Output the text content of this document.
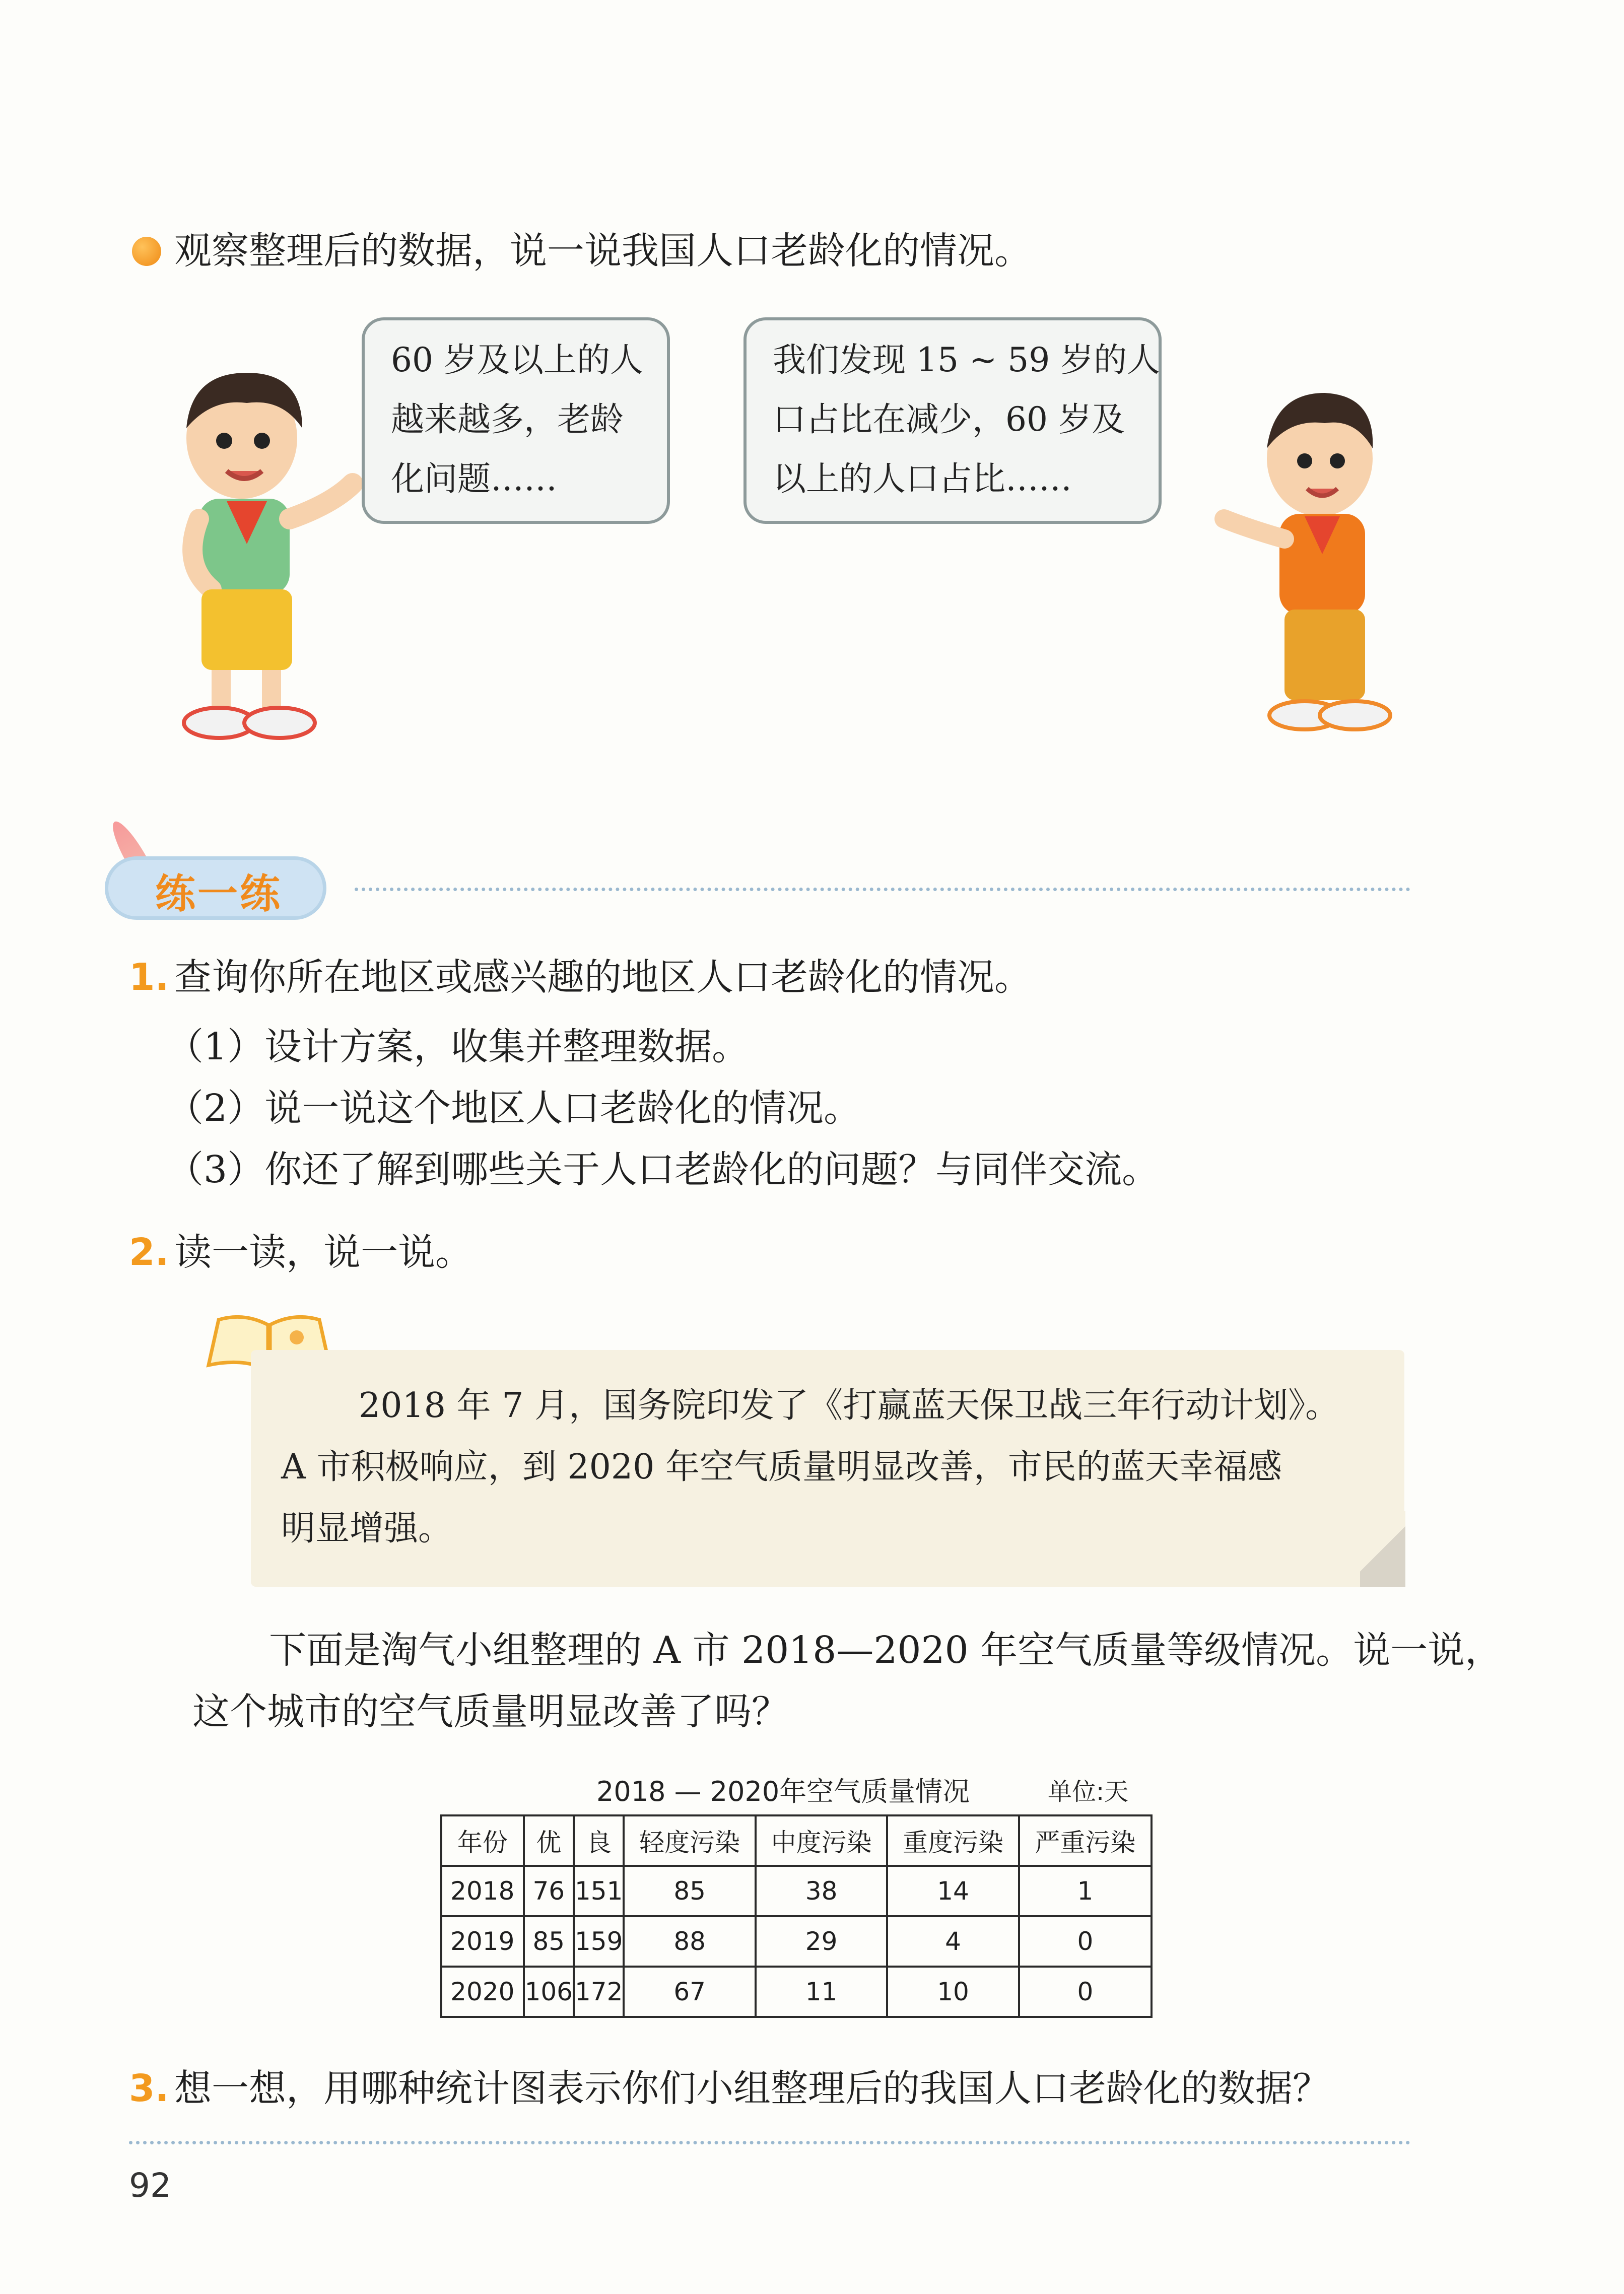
观察整理后的数据，说一说我国人口老龄化的情况。
60 岁及以上的人
越来越多，老龄
化问题……
我们发现 15 ~ 59 岁的人
口占比在减少，60 岁及
以上的人口占比……
练一练
1. 查询你所在地区或感兴趣的地区人口老龄化的情况。
（1）设计方案，收集并整理数据。
（2）说一说这个地区人口老龄化的情况。
（3）你还了解到哪些关于人口老龄化的问题？与同伴交流。
2. 读一读，说一说。
2018 年 7 月，国务院印发了《打赢蓝天保卫战三年行动计划》。
A 市积极响应，到 2020 年空气质量明显改善，市民的蓝天幸福感
明显增强。
下面是淘气小组整理的 A 市 2018—2020 年空气质量等级情况。说一说，
这个城市的空气质量明显改善了吗？
2018 — 2020年空气质量情况	单位:天
年份	优	良	轻度污染	中度污染	重度污染	严重污染
2018	76	151	85	38	14	1
2019	85	159	88	29	4	0
2020	106	172	67	11	10	0
3. 想一想，用哪种统计图表示你们小组整理后的我国人口老龄化的数据？
92
